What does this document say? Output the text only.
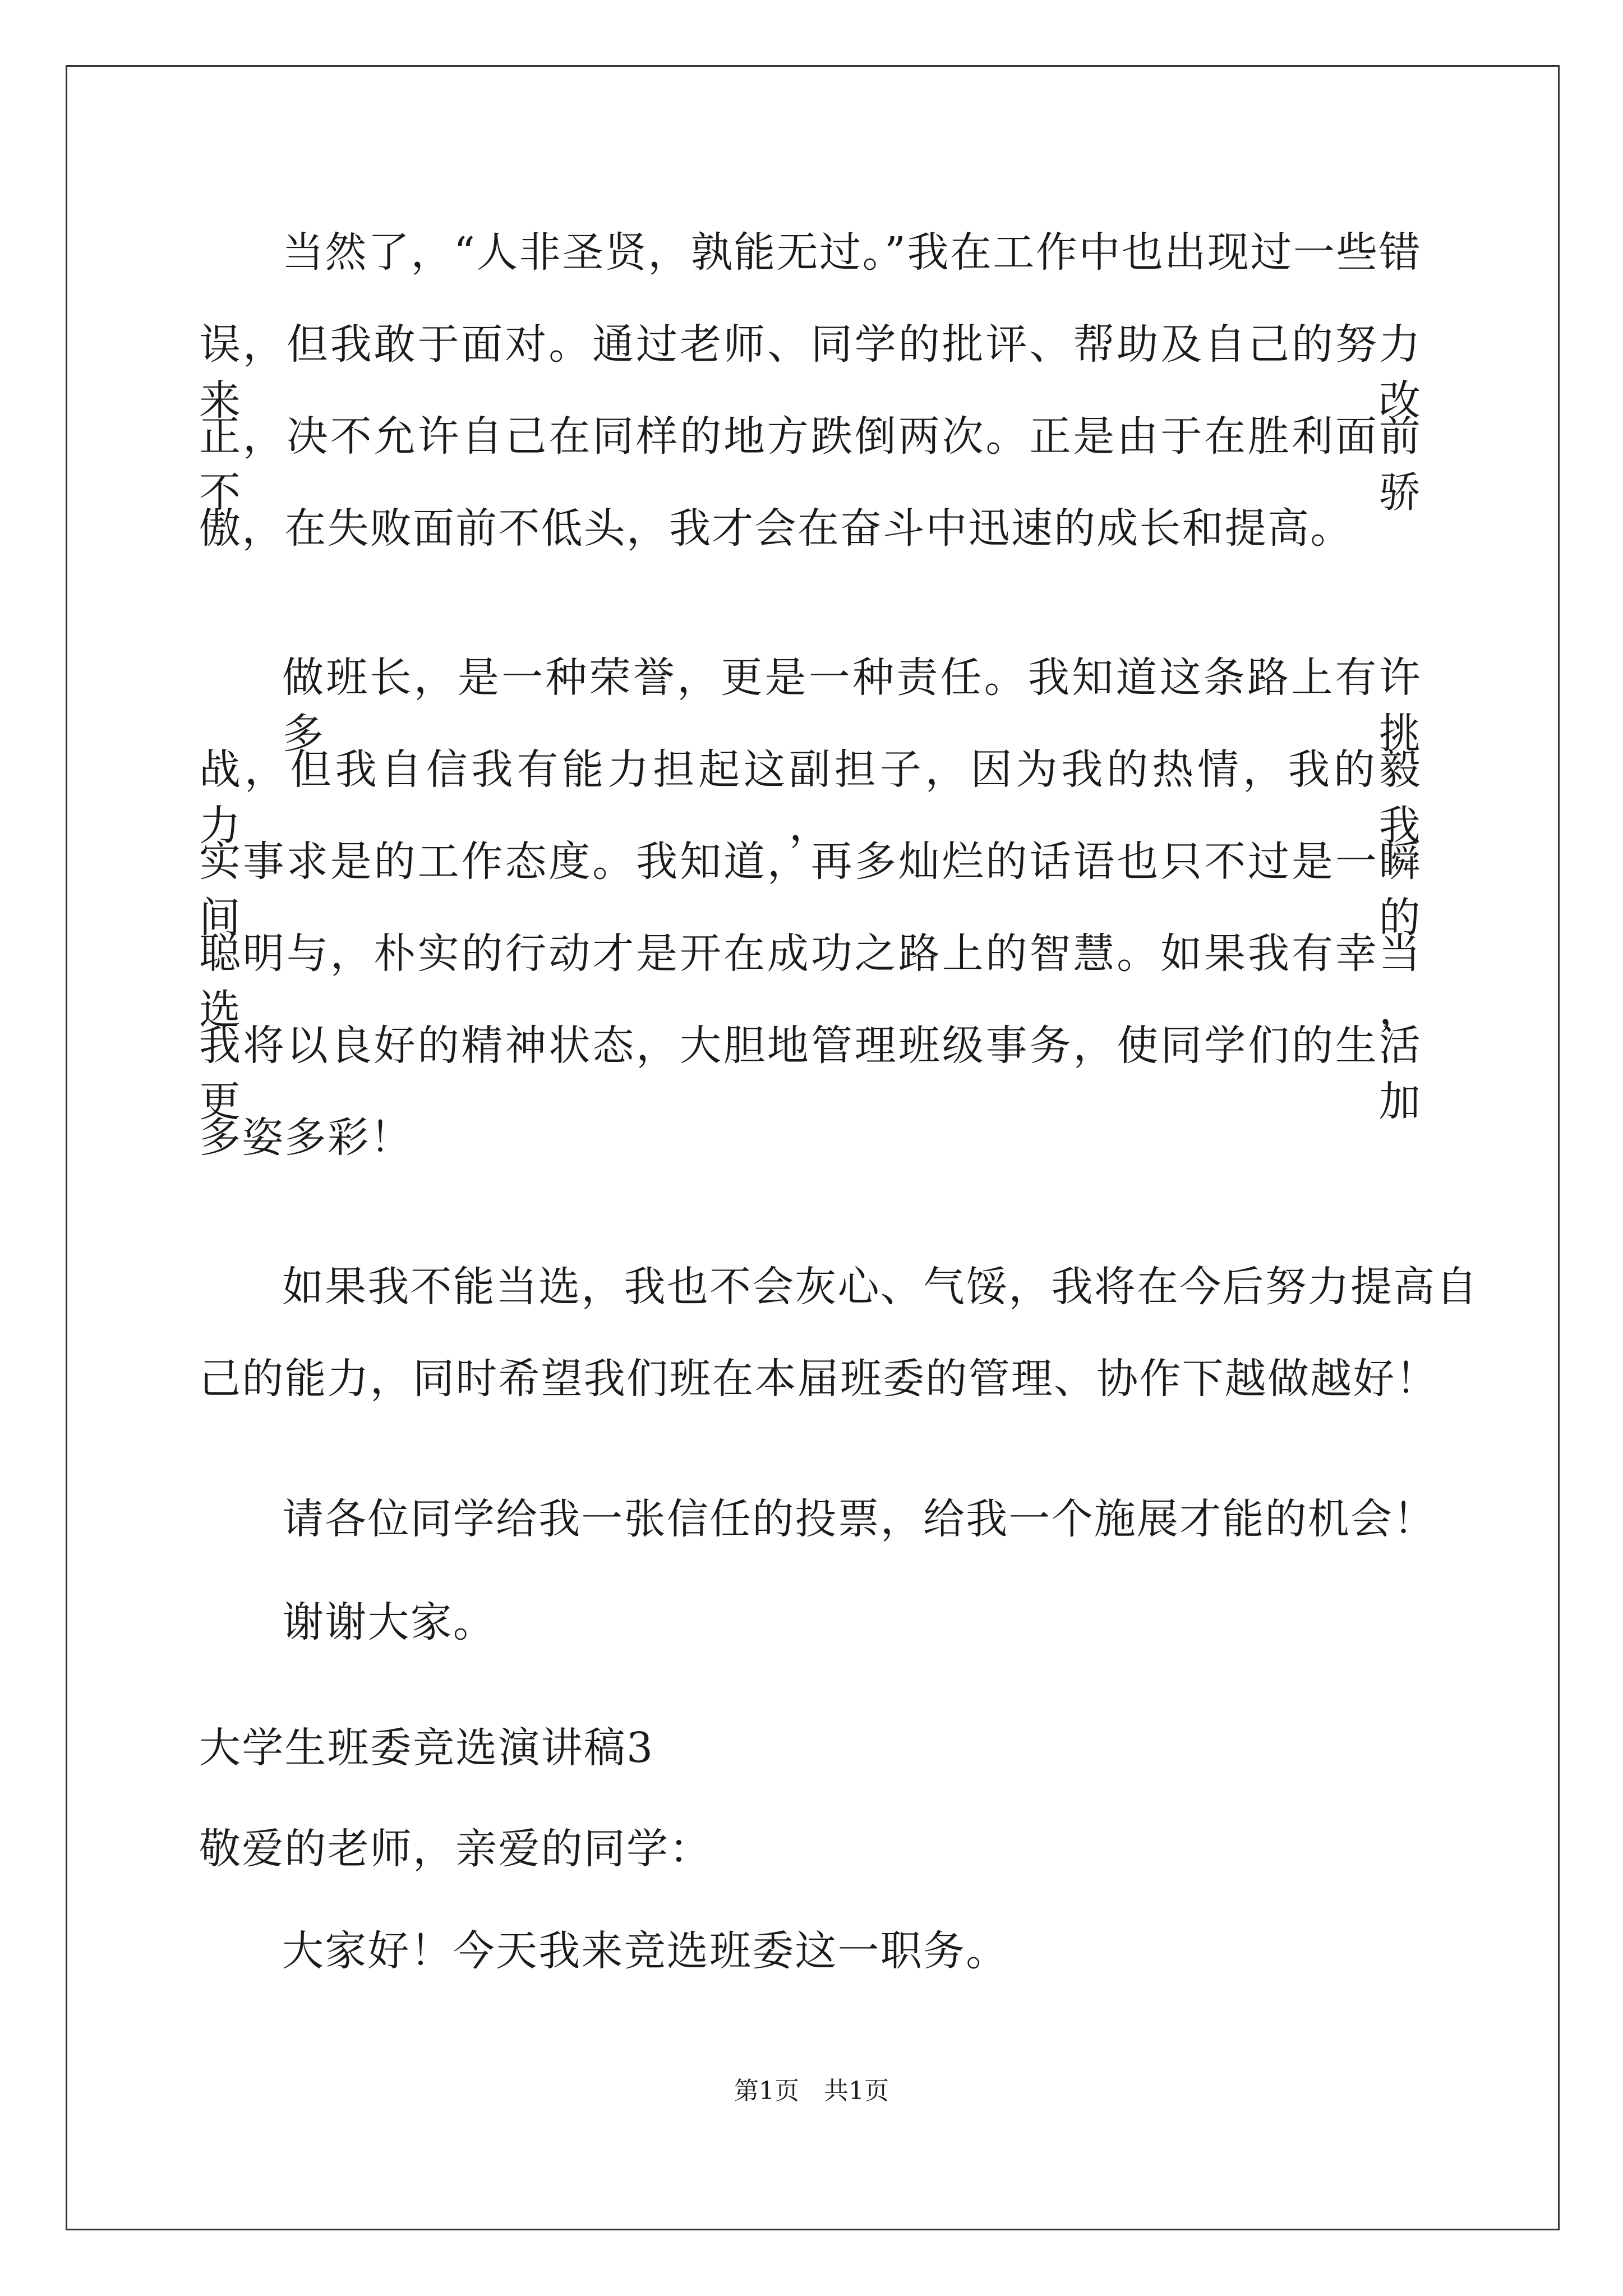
当然了，“人非圣贤，孰能无过。”我在工作中也出现过一些错
误，但我敢于面对。通过老师、同学的批评、帮助及自己的努力来改
正，决不允许自己在同样的地方跌倒两次。正是由于在胜利面前不骄
傲，在失败面前不低头，我才会在奋斗中迅速的成长和提高。
做班长，是一种荣誉，更是一种责任。我知道这条路上有许多挑
战，但我自信我有能力担起这副担子，因为我的热情，我的毅力，我
实事求是的工作态度。我知道，再多灿烂的话语也只不过是一瞬间的
聪明与，朴实的行动才是开在成功之路上的智慧。如果我有幸当选，
我将以良好的精神状态，大胆地管理班级事务，使同学们的生活更加
多姿多彩！
如果我不能当选，我也不会灰心、气馁，我将在今后努力提高自
己的能力，同时希望我们班在本届班委的管理、协作下越做越好！
请各位同学给我一张信任的投票，给我一个施展才能的机会！
谢谢大家。
大学生班委竞选演讲稿3
敬爱的老师，亲爱的同学：
大家好！今天我来竞选班委这一职务。
第1页　共1页
